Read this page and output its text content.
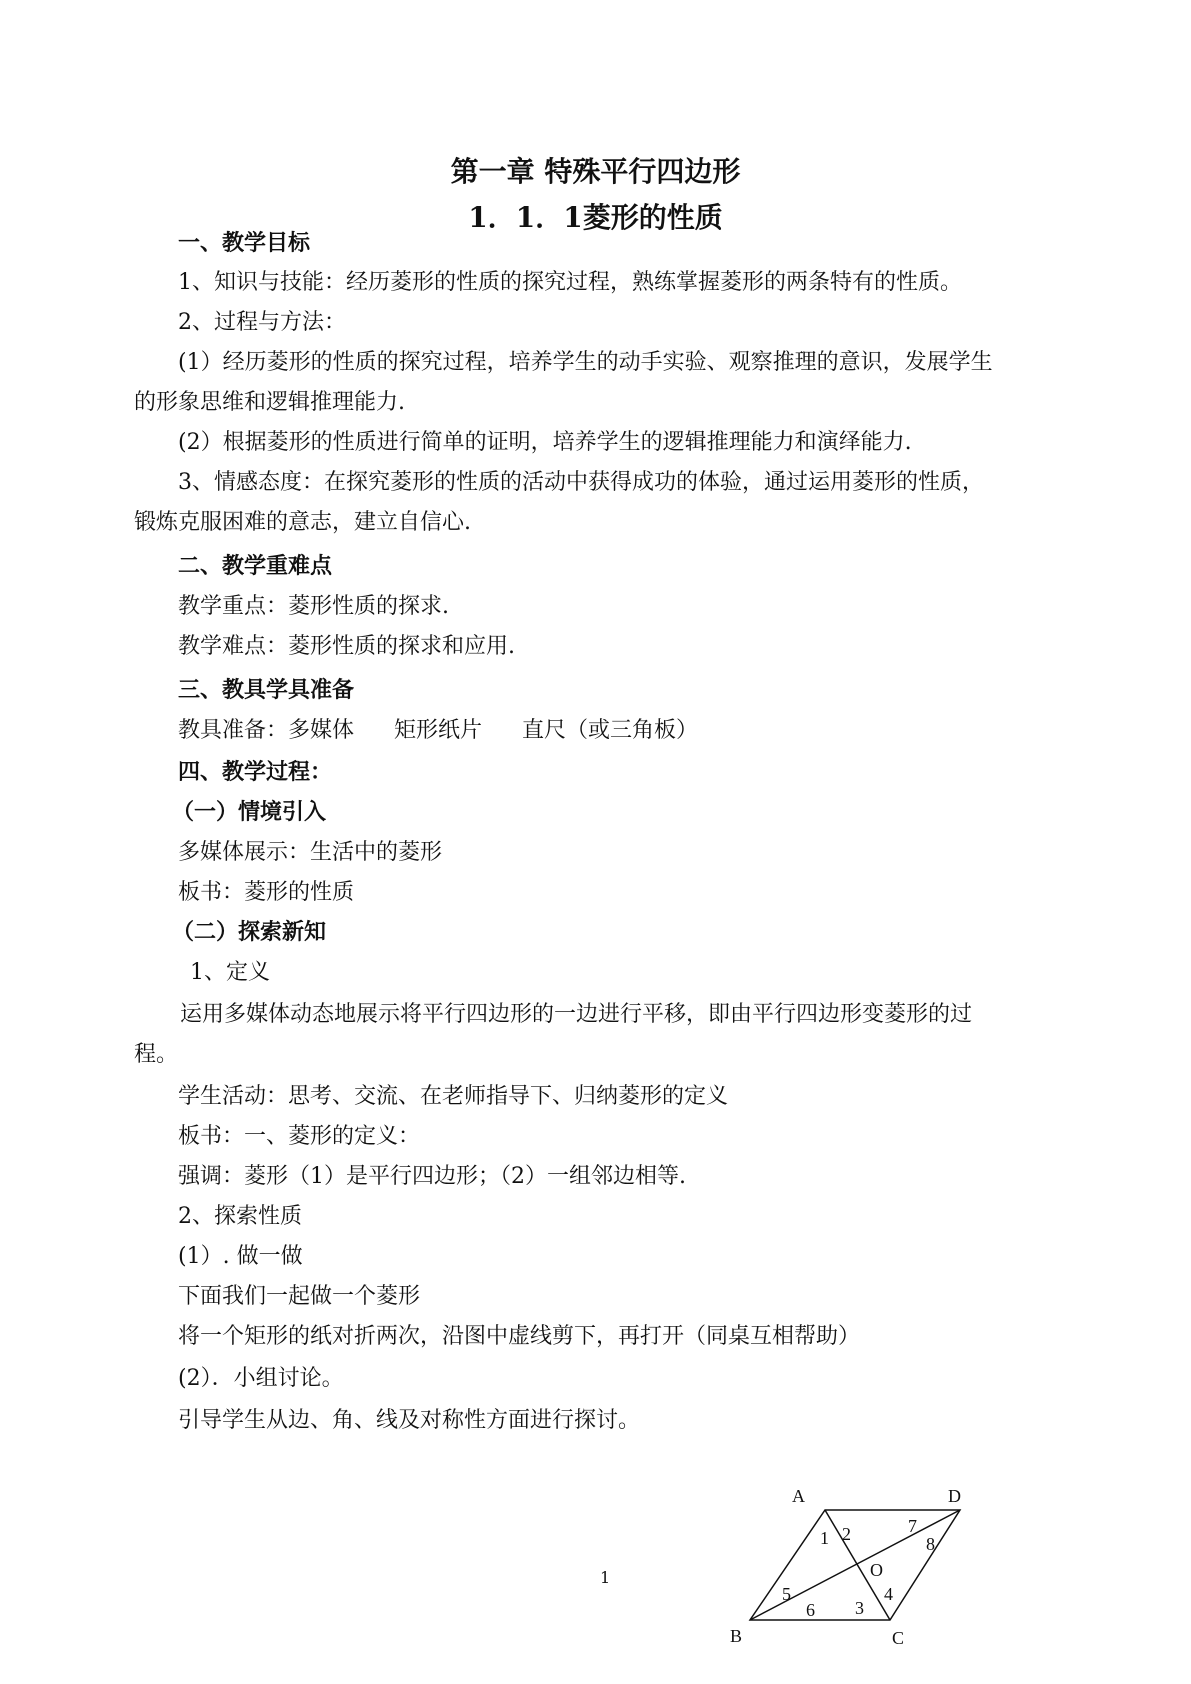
第一章 特殊平行四边形
1．1．1菱形的性质
一、教学目标
1、知识与技能：经历菱形的性质的探究过程，熟练掌握菱形的两条特有的性质。
2、过程与方法：
(1）经历菱形的性质的探究过程，培养学生的动手实验、观察推理的意识，发展学生
的形象思维和逻辑推理能力.
(2）根据菱形的性质进行简单的证明，培养学生的逻辑推理能力和演绎能力.
3、情感态度：在探究菱形的性质的活动中获得成功的体验，通过运用菱形的性质，
锻炼克服困难的意志，建立自信心.
二、教学重难点
教学重点：菱形性质的探求.
教学难点：菱形性质的探求和应用.
三、教具学具准备
教具准备：多媒体 矩形纸片 直尺（或三角板）
四、教学过程：
（一）情境引入
多媒体展示：生活中的菱形
板书：菱形的性质
（二）探索新知
1、定义
运用多媒体动态地展示将平行四边形的一边进行平移，即由平行四边形变菱形的过
程。
学生活动：思考、交流、在老师指导下、归纳菱形的定义
板书：一、菱形的定义：
强调：菱形（1）是平行四边形；（2）一组邻边相等.
2、探索性质
(1）. 做一做
下面我们一起做一个菱形
将一个矩形的纸对折两次，沿图中虚线剪下，再打开（同桌互相帮助）
(2）．小组讨论。
引导学生从边、角、线及对称性方面进行探讨。
1
A	D
B	C
O
1 2
3
4
5
6
7
8
